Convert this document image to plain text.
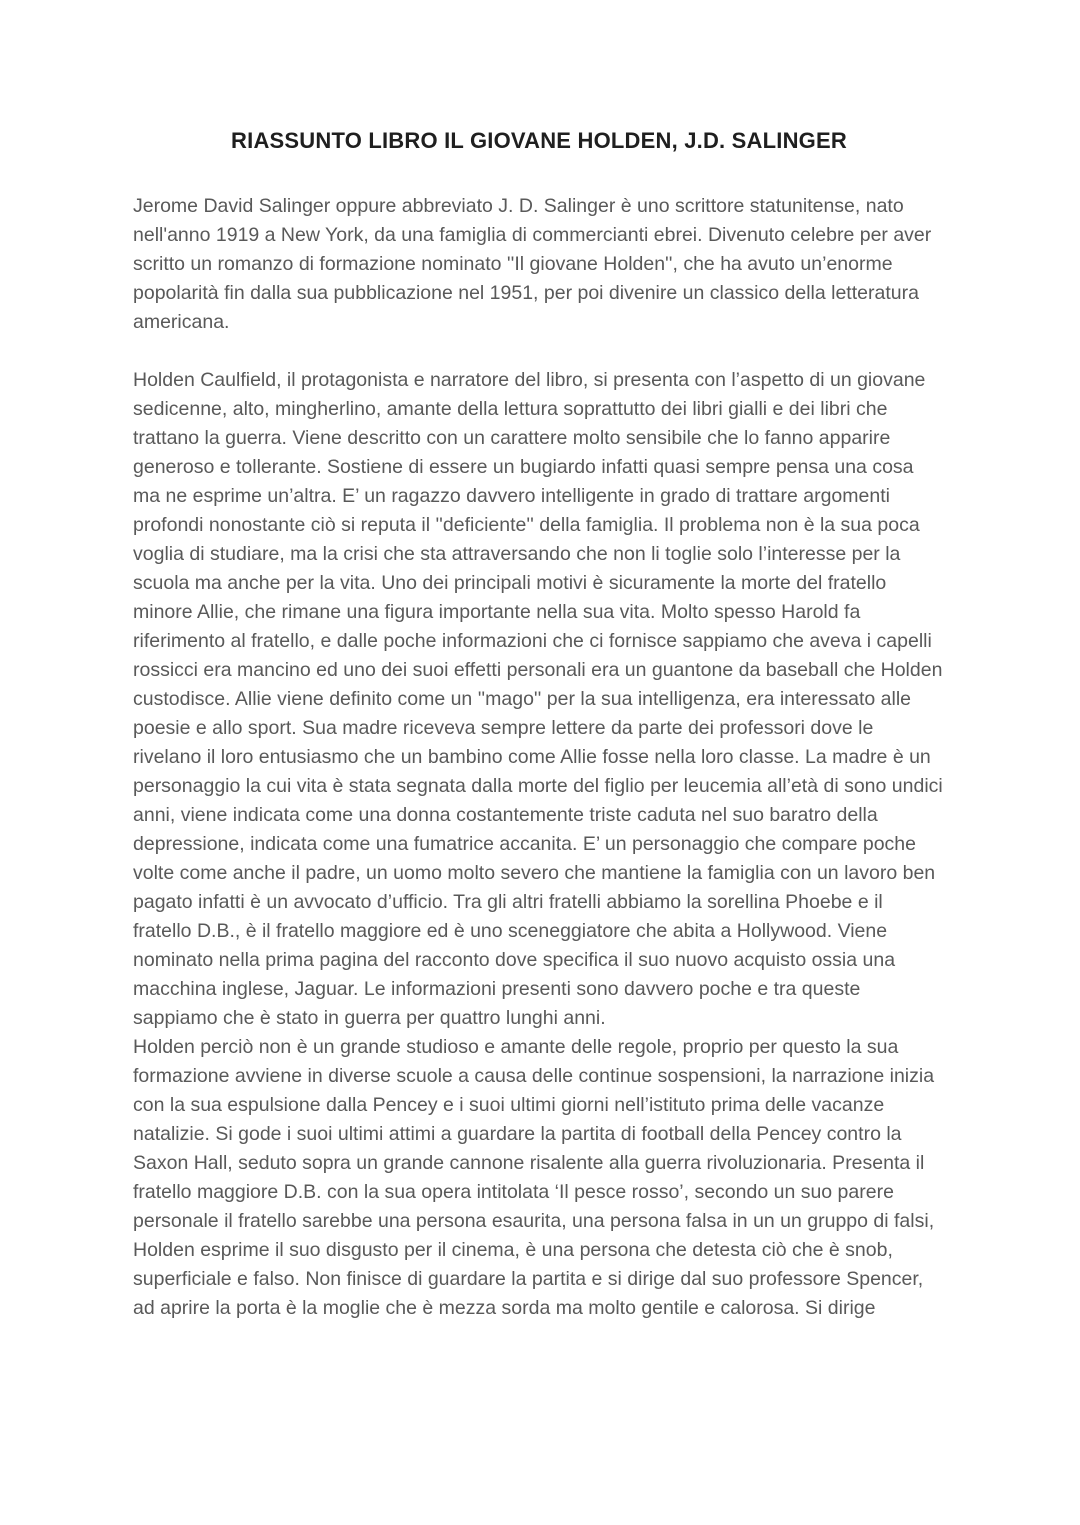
RIASSUNTO LIBRO IL GIOVANE HOLDEN, J.D. SALINGER

Jerome David Salinger oppure abbreviato J. D. Salinger è uno scrittore statunitense, nato nell'anno 1919 a New York, da una famiglia di commercianti ebrei. Divenuto celebre per aver scritto un romanzo di formazione nominato ''Il giovane Holden'', che ha avuto un’enorme popolarità fin dalla sua pubblicazione nel 1951, per poi divenire un classico della letteratura americana.

Holden Caulfield, il protagonista e narratore del libro, si presenta con l’aspetto di un giovane sedicenne, alto, mingherlino, amante della lettura soprattutto dei libri gialli e dei libri che trattano la guerra. Viene descritto con un carattere molto sensibile che lo fanno apparire generoso e tollerante. Sostiene di essere un bugiardo infatti quasi sempre pensa una cosa ma ne esprime un’altra. E’ un ragazzo davvero intelligente in grado di trattare argomenti profondi nonostante ciò si reputa il ''deficiente'' della famiglia. Il problema non è la sua poca voglia di studiare, ma la crisi che sta attraversando che non li toglie solo l’interesse per la scuola ma anche per la vita. Uno dei principali motivi è sicuramente la morte del fratello minore Allie, che rimane una figura importante nella sua vita. Molto spesso Harold fa riferimento al fratello, e dalle poche informazioni che ci fornisce sappiamo che aveva i capelli rossicci era mancino ed uno dei suoi effetti personali era un guantone da baseball che Holden custodisce. Allie viene definito come un ''mago'' per la sua intelligenza, era interessato alle poesie e allo sport. Sua madre riceveva sempre lettere da parte dei professori dove le rivelano il loro entusiasmo che un bambino come Allie fosse nella loro classe. La madre è un personaggio la cui vita è stata segnata dalla morte del figlio per leucemia all’età di sono undici anni, viene indicata come una donna costantemente triste caduta nel suo baratro della depressione, indicata come una fumatrice accanita. E’ un personaggio che compare poche volte come anche il padre, un uomo molto severo che mantiene la famiglia con un lavoro ben pagato infatti è un avvocato d’ufficio. Tra gli altri fratelli abbiamo la sorellina Phoebe e il fratello D.B., è il fratello maggiore ed è uno sceneggiatore che abita a Hollywood. Viene nominato nella prima pagina del racconto dove specifica il suo nuovo acquisto ossia una macchina inglese, Jaguar. Le informazioni presenti sono davvero poche e tra queste sappiamo che è stato in guerra per quattro lunghi anni.

Holden perciò non è un grande studioso e amante delle regole, proprio per questo la sua formazione avviene in diverse scuole a causa delle continue sospensioni, la narrazione inizia con la sua espulsione dalla Pencey e i suoi ultimi giorni nell’istituto prima delle vacanze natalizie. Si gode i suoi ultimi attimi a guardare la partita di football della Pencey contro la Saxon Hall, seduto sopra un grande cannone risalente alla guerra rivoluzionaria. Presenta il fratello maggiore D.B. con la sua opera intitolata ‘Il pesce rosso’, secondo un suo parere personale il fratello sarebbe una persona esaurita, una persona falsa in un un gruppo di falsi, Holden esprime il suo disgusto per il cinema, è una persona che detesta ciò che è snob, superficiale e falso. Non finisce di guardare la partita e si dirige dal suo professore Spencer, ad aprire la porta è la moglie che è mezza sorda ma molto gentile e calorosa. Si dirige
